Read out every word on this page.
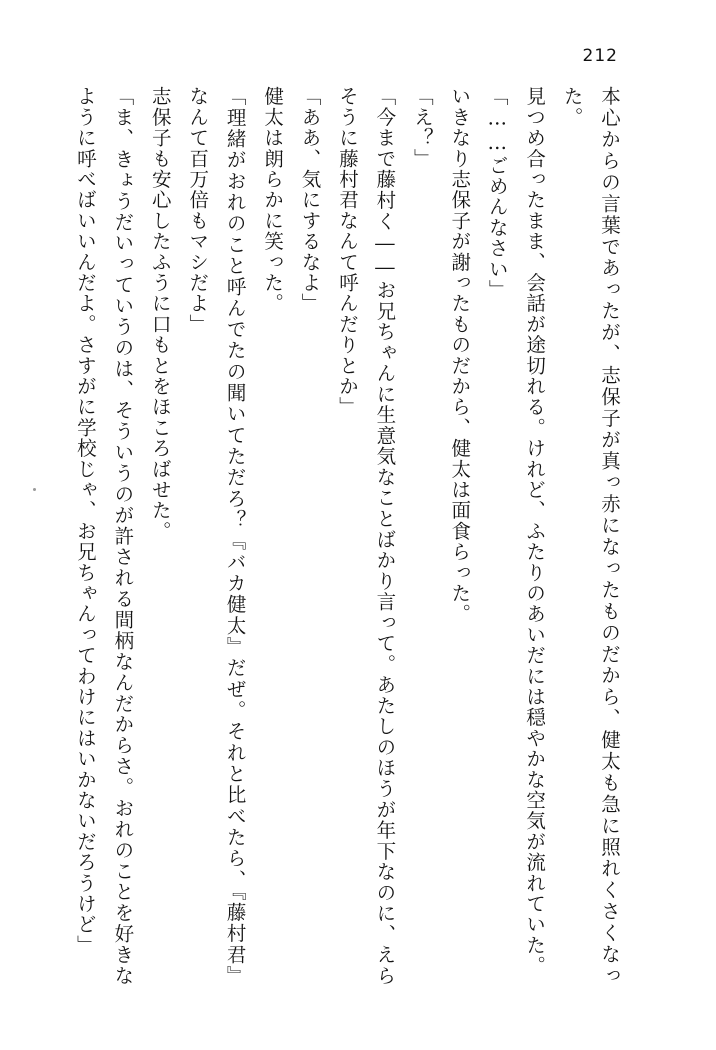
212

本心からの言葉であったが、志保子が真っ赤になったものだから、健太も急に照れくさくなった。

見つめ合ったまま、会話が途切れる。けれど、ふたりのあいだには穏やかな空気が流れていた。

「……ごめんなさい」

いきなり志保子が謝ったものだから、健太は面食らった。

「え？」

「今まで藤村く――お兄ちゃんに生意気なことばかり言って。あたしのほうが年下なのに、えらそうに藤村君なんて呼んだりとか」

「ああ、気にするなよ」

健太は朗らかに笑った。

「理緒がおれのこと呼んでたの聞いてただろ？『バカ健太』だぜ。それと比べたら、『藤村君』なんて百万倍もマシだよ」

志保子も安心したふうに口もとをほころばせた。

「ま、きょうだいっていうのは、そういうのが許される間柄なんだからさ。おれのことを好きなように呼べばいいんだよ。さすがに学校じゃ、お兄ちゃんってわけにはいかないだろうけど」
